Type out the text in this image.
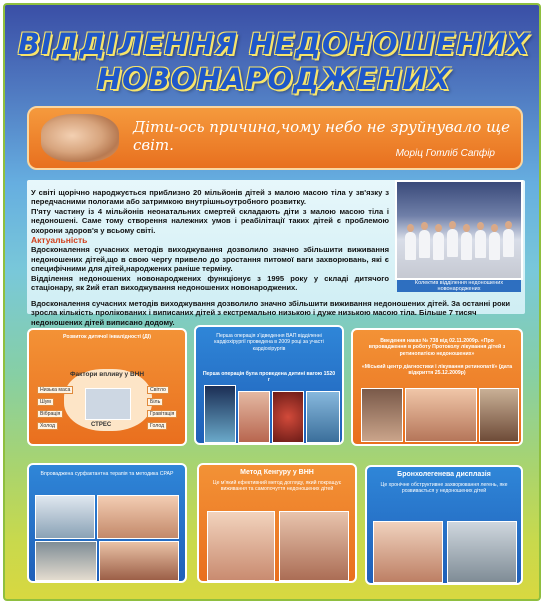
ВІДДІЛЕННЯ НЕДОНОШЕНИХ
НОВОНАРОДЖЕНИХ
Діти-ось причина,чому небо не зруйнувало ще світ.	Моріц Готліб Сапфір

У світі щорічно народжується приблизно 20 мільйонів дітей з малою масою тіла у зв'язку з передчасними пологами або затримкою внутрішньоутробного розвитку.

П'яту частину із 4 мільйонів неонатальних смертей складають діти з малою масою тіла і недоношені. Саме тому створення належних умов і реабілітації таких дітей є проблемою охорони здоров'я у всьому світі.

Актуальність

Вдосконалення сучасних методів виходжування дозволило значно збільшити виживання недоношених дітей,що в свою чергу привело до зростання питомої ваги захворювань, які є специфічними для дітей,народжених раніше терміну.

Відділення недоношених новонароджених функціонує з 1995 року у складі дитячого стаціонару, як 2ий етап виходжування недоношених новонароджених.

Колектив відділення недоношених новонароджених
Вдосконалення сучасних методів виходжування дозволило значно збільшити виживання недоношених дітей. За останні роки зросла кількість пролікованих і виписаних дітей з екстремально низькою і дуже низькою масою тіла. Більше 7 тисяч недоношених дітей виписано додому.
Розвиток дитячої інвалідності (ДІ)
Фактори впливу у ВНН
Низька маса
Шум
Вібрація
Холод
Світло
Біль
Гравітація
Голод
СТРЕС
Перша операція з’ідведення ВАП відділенні кардіохірургії проведена в 2009 році за участі кардіохірургів
Перша операція була проведена дитині вагою 1520 г
Введення наказ № 738 від 02.11.2009р. «Про впровадження в роботу Протоколу лікування дітей з ретинопатією недоношених»
«Міський центр діагностики і лікування ретинопатії» (дата відкриття 25.12.2009р)
Впроваджена сурфактантна терапія та методика CPAP	Метод Кенгуру у ВНН
Це м'який ефективний метод догляду, який покращує виживання та самопочуття недоношених дітей
Бронхолегенева дисплазія
Це хронічне обструктивне захворювання легень, яке розвивається у недоношених дітей
